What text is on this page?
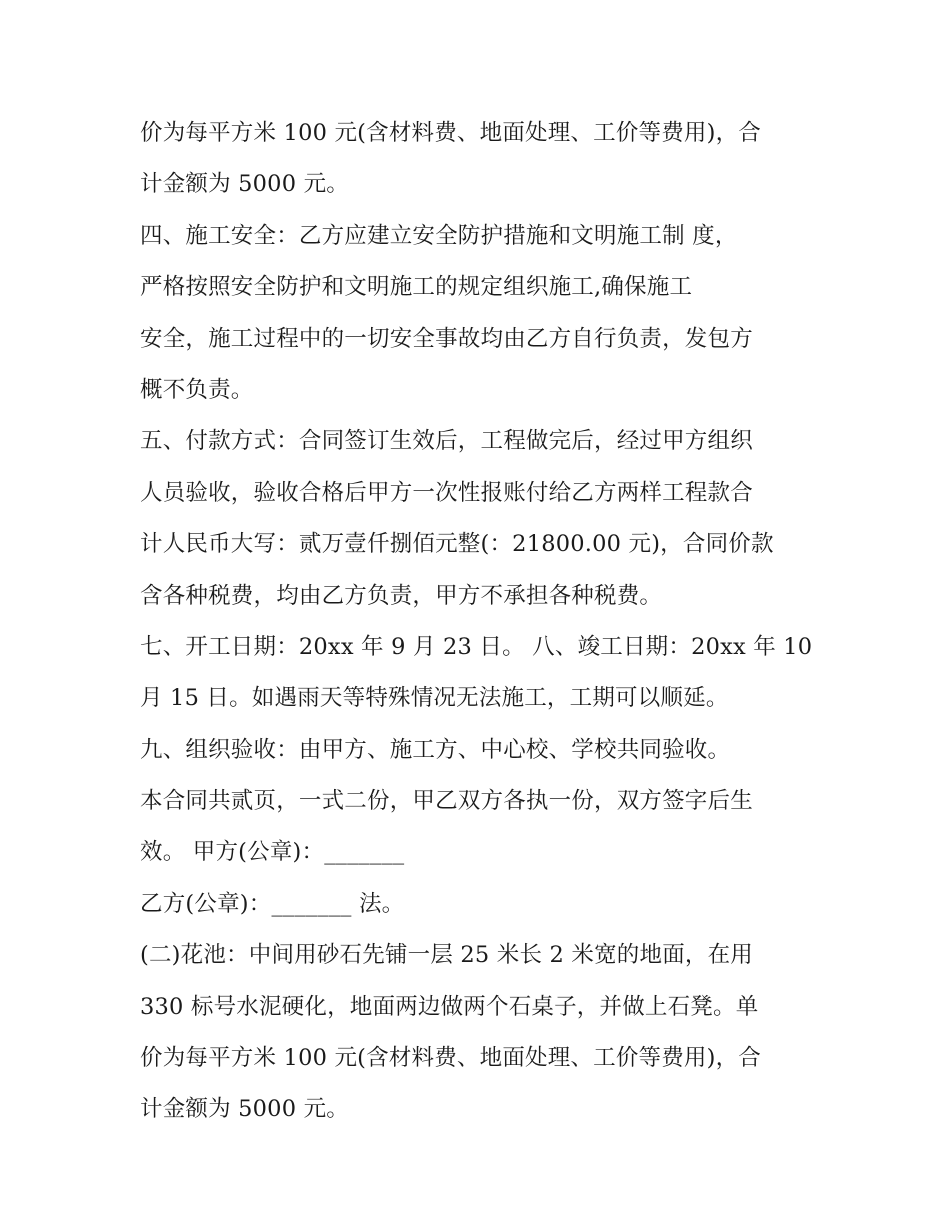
价为每平方米 100 元(含材料费、地面处理、工价等费用)，合
计金额为 5000 元。
四、施工安全：乙方应建立安全防护措施和文明施工制 度，
严格按照安全防护和文明施工的规定组织施工,确保施工
安全，施工过程中的一切安全事故均由乙方自行负责，发包方
概不负责。
五、付款方式：合同签订生效后，工程做完后，经过甲方组织
人员验收，验收合格后甲方一次性报账付给乙方两样工程款合
计人民币大写：贰万壹仟捌佰元整(：21800.00 元)，合同价款
含各种税费，均由乙方负责，甲方不承担各种税费。
七、开工日期：20xx 年 9 月 23 日。 八、竣工日期：20xx 年 10
月 15 日。如遇雨天等特殊情况无法施工，工期可以顺延。
九、组织验收：由甲方、施工方、中心校、学校共同验收。
本合同共贰页，一式二份，甲乙双方各执一份，双方签字后生
效。 甲方(公章)：_______
乙方(公章)：_______ 法。
(二)花池：中间用砂石先铺一层 25 米长 2 米宽的地面，在用
330 标号水泥硬化，地面两边做两个石桌子，并做上石凳。单
价为每平方米 100 元(含材料费、地面处理、工价等费用)，合
计金额为 5000 元。
